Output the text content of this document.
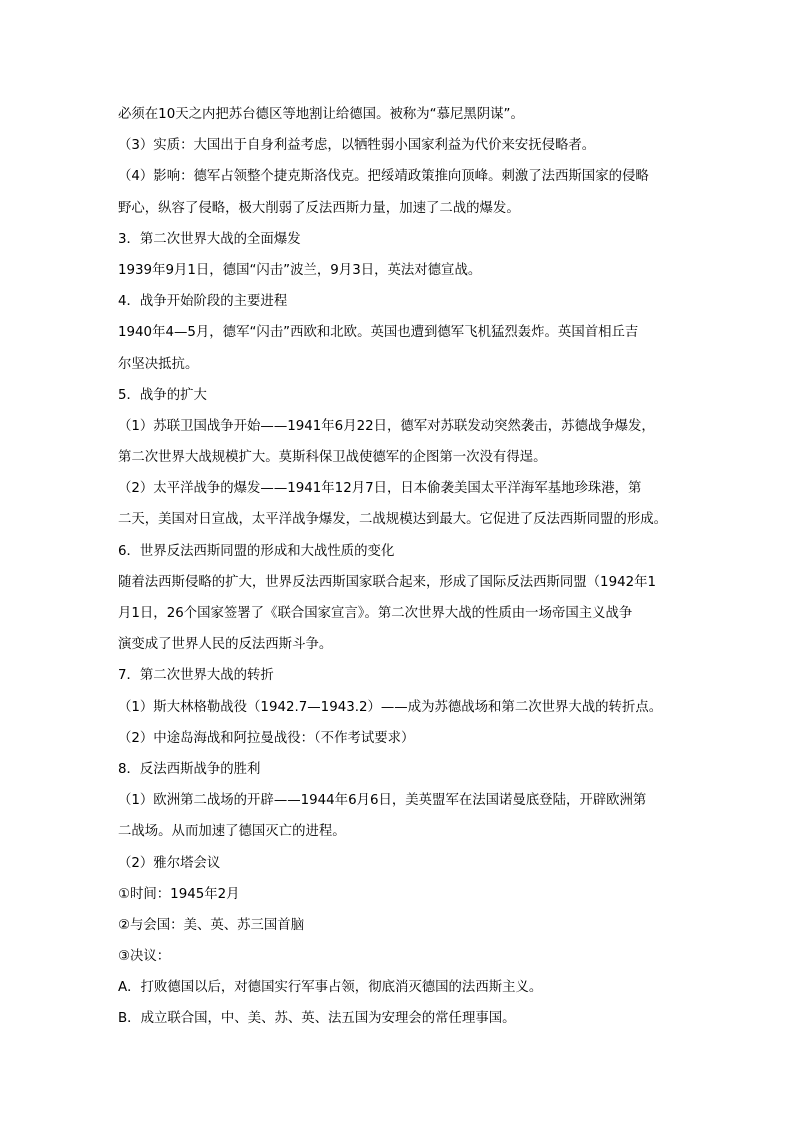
必须在10天之内把苏台德区等地割让给德国。被称为“慕尼黑阴谋”。
（3）实质：大国出于自身利益考虑，以牺牲弱小国家利益为代价来安抚侵略者。
（4）影响：德军占领整个捷克斯洛伐克。把绥靖政策推向顶峰。刺激了法西斯国家的侵略
野心，纵容了侵略，极大削弱了反法西斯力量，加速了二战的爆发。
3．第二次世界大战的全面爆发
1939年9月1日，德国“闪击”波兰，9月3日，英法对德宣战。
4．战争开始阶段的主要进程
1940年4—5月，德军“闪击”西欧和北欧。英国也遭到德军飞机猛烈轰炸。英国首相丘吉
尔坚决抵抗。
5．战争的扩大
（1）苏联卫国战争开始——1941年6月22日，德军对苏联发动突然袭击，苏德战争爆发，
第二次世界大战规模扩大。莫斯科保卫战使德军的企图第一次没有得逞。
（2）太平洋战争的爆发——1941年12月7日，日本偷袭美国太平洋海军基地珍珠港，第
二天，美国对日宣战，太平洋战争爆发，二战规模达到最大。它促进了反法西斯同盟的形成。
6．世界反法西斯同盟的形成和大战性质的变化
随着法西斯侵略的扩大，世界反法西斯国家联合起来，形成了国际反法西斯同盟（1942年1
月1日，26个国家签署了《联合国家宣言》。第二次世界大战的性质由一场帝国主义战争
演变成了世界人民的反法西斯斗争。
7．第二次世界大战的转折
（1）斯大林格勒战役（1942.7—1943.2）——成为苏德战场和第二次世界大战的转折点。
（2）中途岛海战和阿拉曼战役：（不作考试要求）
8．反法西斯战争的胜利
（1）欧洲第二战场的开辟——1944年6月6日，美英盟军在法国诺曼底登陆，开辟欧洲第
二战场。从而加速了德国灭亡的进程。
（2）雅尔塔会议
①时间：1945年2月
②与会国：美、英、苏三国首脑
③决议：
A．打败德国以后，对德国实行军事占领，彻底消灭德国的法西斯主义。
B．成立联合国，中、美、苏、英、法五国为安理会的常任理事国。
